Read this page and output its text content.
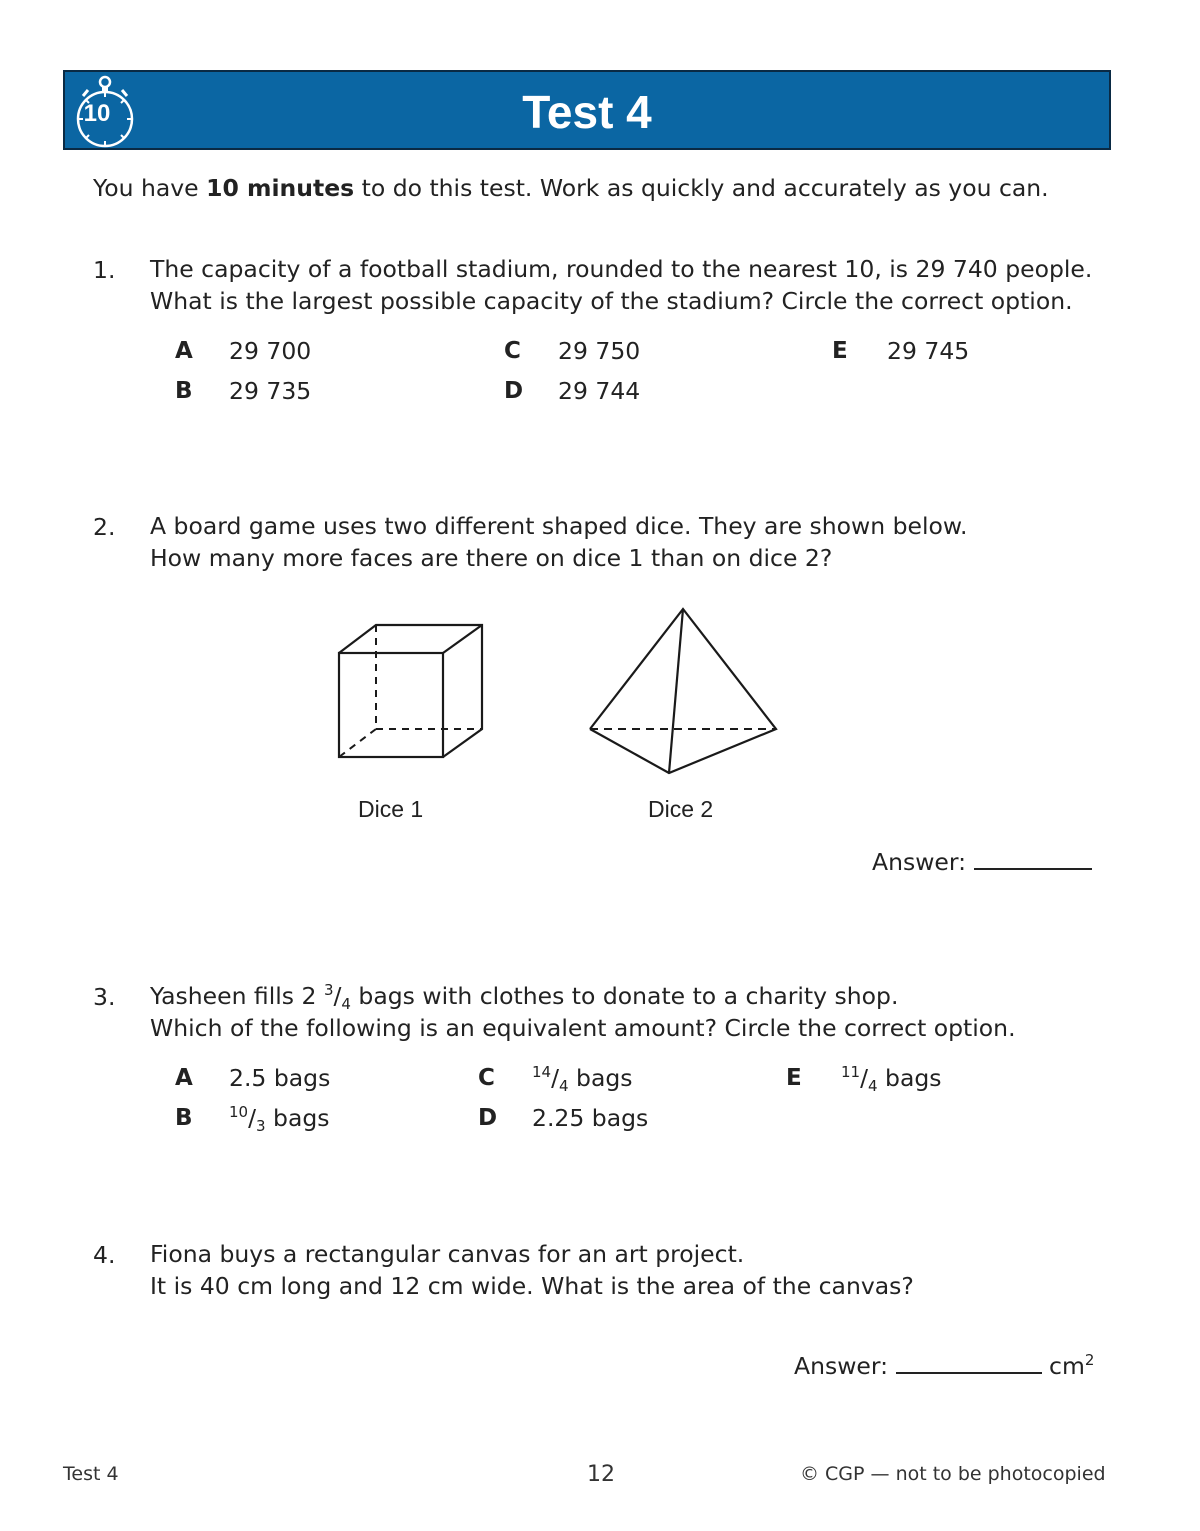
10	Test 4
You have 10 minutes to do this test. Work as quickly and accurately as you can.
1. The capacity of a football stadium, rounded to the nearest 10, is 29 740 people.
What is the largest possible capacity of the stadium? Circle the correct option.
A 29 700
B 29 735
C 29 750
D 29 744
E 29 745
2. A board game uses two different shaped dice. They are shown below.
How many more faces are there on dice 1 than on dice 2?
Dice 1	Dice 2
Answer:
3. Yasheen fills 2 $^3/_4$ bags with clothes to donate to a charity shop.
Which of the following is an equivalent amount? Circle the correct option.
A 2.5 bags
B $^{10}/_3$ bags
C $^{14}/_4$ bags
D 2.25 bags
E	$^{11}/_4$ bags
4. Fiona buys a rectangular canvas for an art project.
It is 40 cm long and 12 cm wide. What is the area of the canvas?
Answer:	$cm^2$
Test 4	12	© CGP — not to be photocopied
